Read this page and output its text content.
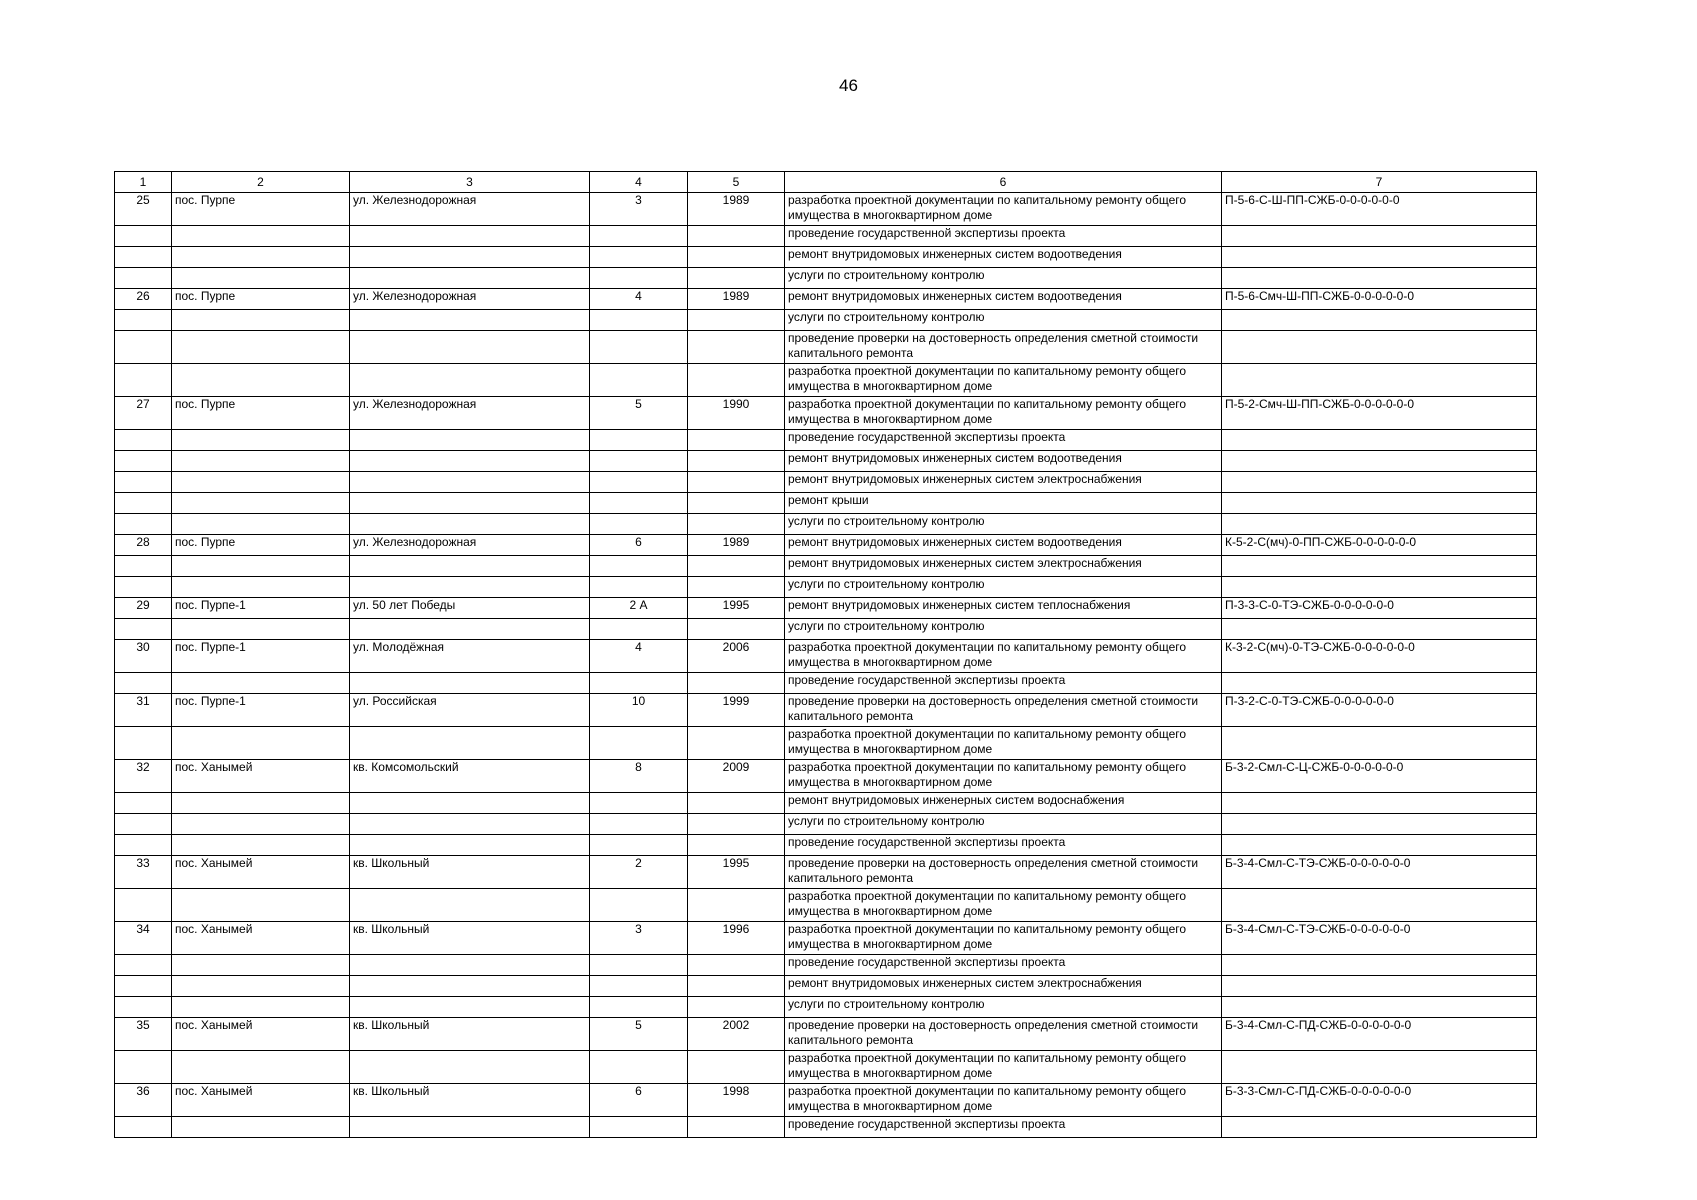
46
1	2	3	4	5	6	7
25	пос. Пурпе	ул. Железнодорожная	3	1989	разработка проектной документации по капитальному ремонту общего имущества в многоквартирном доме	П-5-6-С-Ш-ПП-СЖБ-0-0-0-0-0-0
					проведение государственной экспертизы проекта	
					ремонт внутридомовых инженерных систем водоотведения	
					услуги по строительному контролю	
26	пос. Пурпе	ул. Железнодорожная	4	1989	ремонт внутридомовых инженерных систем водоотведения	П-5-6-Смч-Ш-ПП-СЖБ-0-0-0-0-0-0
					услуги по строительному контролю	
					проведение проверки на достоверность определения сметной стоимости капитального ремонта	
					разработка проектной документации по капитальному ремонту общего имущества в многоквартирном доме	
27	пос. Пурпе	ул. Железнодорожная	5	1990	разработка проектной документации по капитальному ремонту общего имущества в многоквартирном доме	П-5-2-Смч-Ш-ПП-СЖБ-0-0-0-0-0-0
					проведение государственной экспертизы проекта	
					ремонт внутридомовых инженерных систем водоотведения	
					ремонт внутридомовых инженерных систем электроснабжения	
					ремонт крыши	
					услуги по строительному контролю	
28	пос. Пурпе	ул. Железнодорожная	6	1989	ремонт внутридомовых инженерных систем водоотведения	К-5-2-С(мч)-0-ПП-СЖБ-0-0-0-0-0-0
					ремонт внутридомовых инженерных систем электроснабжения	
					услуги по строительному контролю	
29	пос. Пурпе-1	ул. 50 лет Победы	2 А	1995	ремонт внутридомовых инженерных систем теплоснабжения	П-3-3-С-0-ТЭ-СЖБ-0-0-0-0-0-0
					услуги по строительному контролю	
30	пос. Пурпе-1	ул. Молодёжная	4	2006	разработка проектной документации по капитальному ремонту общего имущества в многоквартирном доме	К-3-2-С(мч)-0-ТЭ-СЖБ-0-0-0-0-0-0
					проведение государственной экспертизы проекта	
31	пос. Пурпе-1	ул. Российская	10	1999	проведение проверки на достоверность определения сметной стоимости капитального ремонта	П-3-2-С-0-ТЭ-СЖБ-0-0-0-0-0-0
					разработка проектной документации по капитальному ремонту общего имущества в многоквартирном доме	
32	пос. Ханымей	кв. Комсомольский	8	2009	разработка проектной документации по капитальному ремонту общего имущества в многоквартирном доме	Б-3-2-Смл-С-Ц-СЖБ-0-0-0-0-0-0
					ремонт внутридомовых инженерных систем водоснабжения	
					услуги по строительному контролю	
					проведение государственной экспертизы проекта	
33	пос. Ханымей	кв. Школьный	2	1995	проведение проверки на достоверность определения сметной стоимости капитального ремонта	Б-3-4-Смл-С-ТЭ-СЖБ-0-0-0-0-0-0
					разработка проектной документации по капитальному ремонту общего имущества в многоквартирном доме	
34	пос. Ханымей	кв. Школьный	3	1996	разработка проектной документации по капитальному ремонту общего имущества в многоквартирном доме	Б-3-4-Смл-С-ТЭ-СЖБ-0-0-0-0-0-0
					проведение государственной экспертизы проекта	
					ремонт внутридомовых инженерных систем электроснабжения	
					услуги по строительному контролю	
35	пос. Ханымей	кв. Школьный	5	2002	проведение проверки на достоверность определения сметной стоимости капитального ремонта	Б-3-4-Смл-С-ПД-СЖБ-0-0-0-0-0-0
					разработка проектной документации по капитальному ремонту общего имущества в многоквартирном доме	
36	пос. Ханымей	кв. Школьный	6	1998	разработка проектной документации по капитальному ремонту общего имущества в многоквартирном доме	Б-3-3-Смл-С-ПД-СЖБ-0-0-0-0-0-0
					проведение государственной экспертизы проекта	
